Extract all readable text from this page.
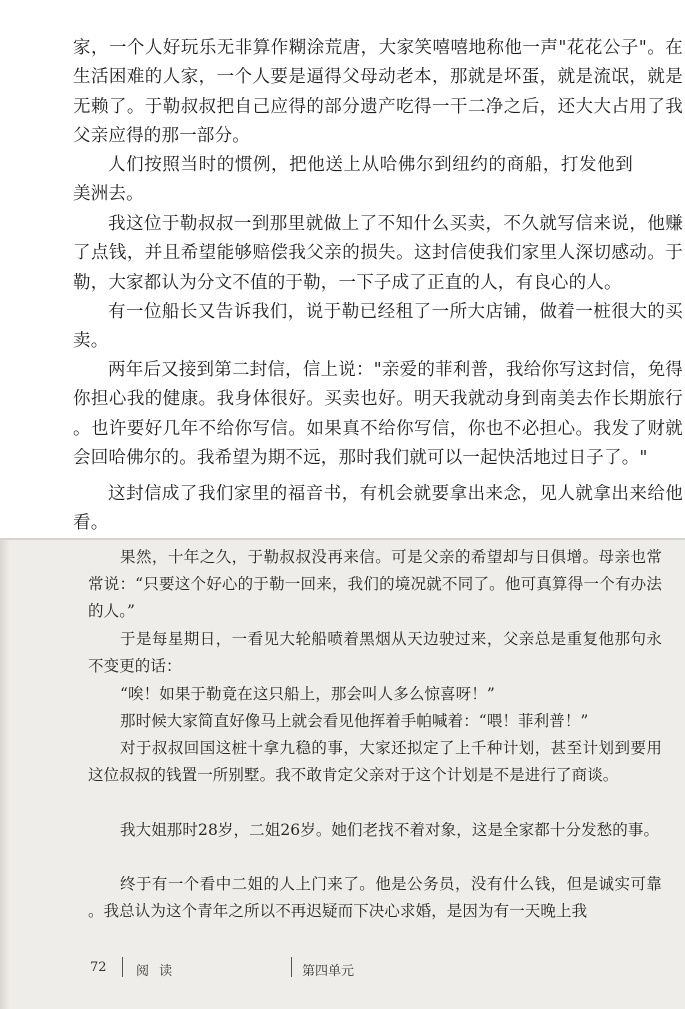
家，一个人好玩乐无非算作糊涂荒唐，大家笑嘻嘻地称他一声"花花公子"。在生活困难的人家，一个人要是逼得父母动老本，那就是坏蛋，就是流氓，就是无赖了。于勒叔叔把自己应得的部分遗产吃得一干二净之后，还大大占用了我父亲应得的那一部分。

人们按照当时的惯例，把他送上从哈佛尔到纽约的商船，打发他到美洲去。

我这位于勒叔叔一到那里就做上了不知什么买卖，不久就写信来说，他赚了点钱，并且希望能够赔偿我父亲的损失。这封信使我们家里人深切感动。于勒，大家都认为分文不值的于勒，一下子成了正直的人，有良心的人。

有一位船长又告诉我们，说于勒已经租了一所大店铺，做着一桩很大的买卖。

两年后又接到第二封信，信上说："亲爱的菲利普，我给你写这封信，免得你担心我的健康。我身体很好。买卖也好。明天我就动身到南美去作长期旅行。也许要好几年不给你写信。如果真不给你写信，你也不必担心。我发了财就会回哈佛尔的。我希望为期不远，那时我们就可以一起快活地过日子了。"

这封信成了我们家里的福音书，有机会就要拿出来念，见人就拿出来给他看。

果然，十年之久，于勒叔叔没再来信。可是父亲的希望却与日俱增。母亲也常常说：“只要这个好心的于勒一回来，我们的境况就不同了。他可真算得一个有办法的人。”

于是每星期日，一看见大轮船喷着黑烟从天边驶过来，父亲总是重复他那句永不变更的话：

“唉！如果于勒竟在这只船上，那会叫人多么惊喜呀！”

那时候大家简直好像马上就会看见他挥着手帕喊着：“喂！菲利普！”

对于叔叔回国这桩十拿九稳的事，大家还拟定了上千种计划，甚至计划到要用这位叔叔的钱置一所别墅。我不敢肯定父亲对于这个计划是不是进行了商谈。

我大姐那时28岁，二姐26岁。她们老找不着对象，这是全家都十分发愁的事。

终于有一个看中二姐的人上门来了。他是公务员，没有什么钱，但是诚实可靠。我总认为这个青年之所以不再迟疑而下决心求婚，是因为有一天晚上我

72 阅 读	第四单元
